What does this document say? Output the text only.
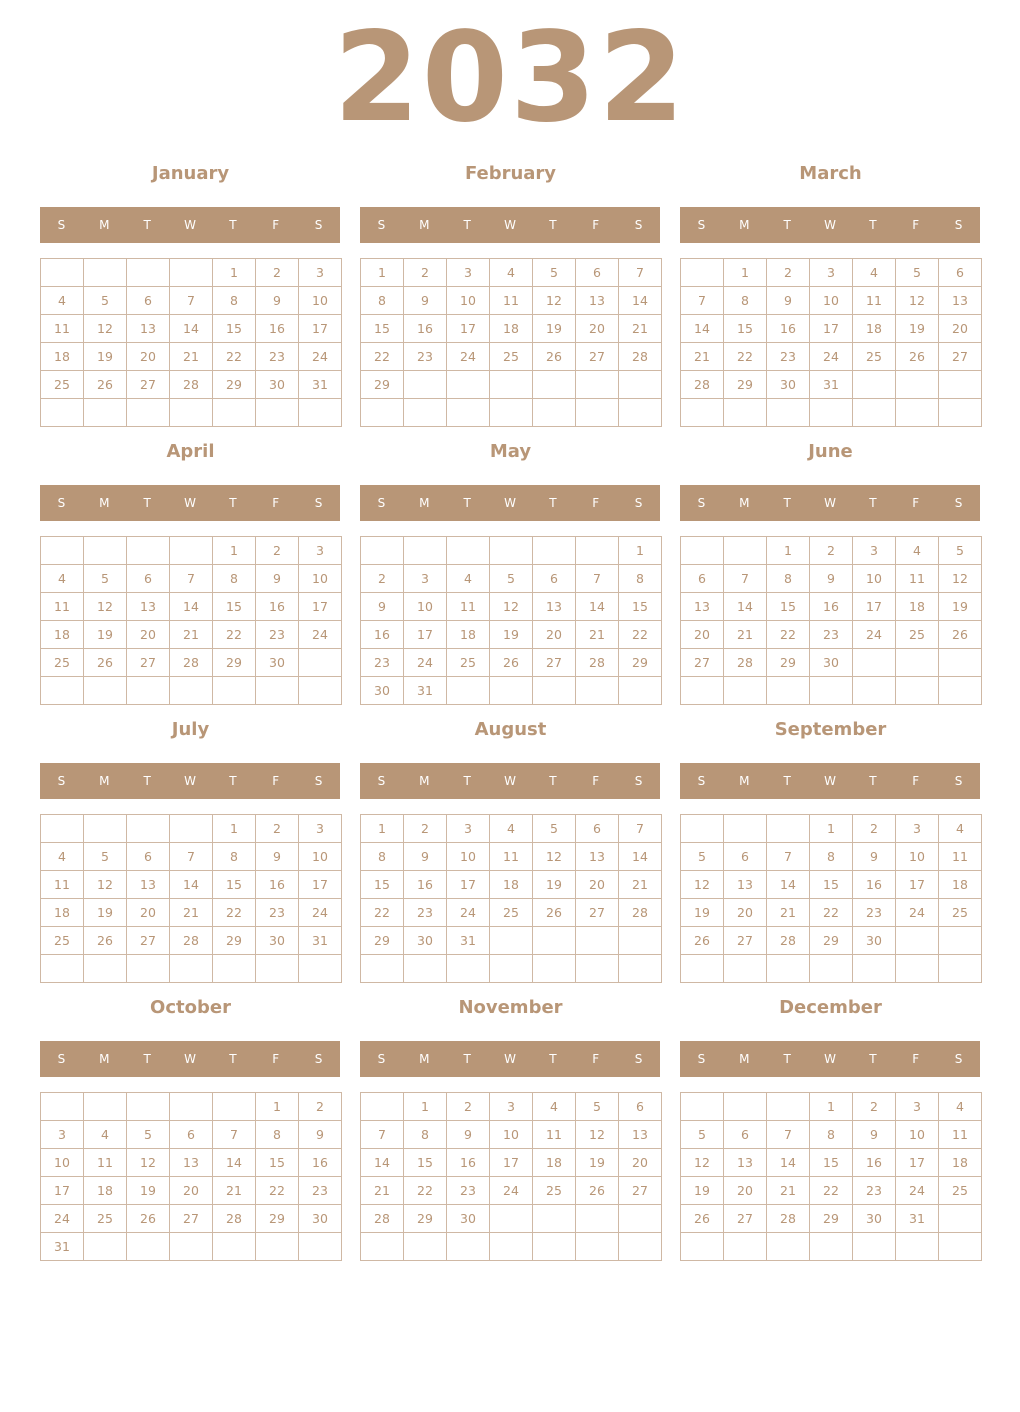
2032
January
S	M	T	W	T	F	S
				1	2	3
4	5	6	7	8	9	10
11	12	13	14	15	16	17
18	19	20	21	22	23	24
25	26	27	28	29	30	31

February
S	M	T	W	T	F	S
1	2	3	4	5	6	7
8	9	10	11	12	13	14
15	16	17	18	19	20	21
22	23	24	25	26	27	28
29						

March
S	M	T	W	T	F	S
	1	2	3	4	5	6
7	8	9	10	11	12	13
14	15	16	17	18	19	20
21	22	23	24	25	26	27
28	29	30	31			

April
S	M	T	W	T	F	S
				1	2	3
4	5	6	7	8	9	10
11	12	13	14	15	16	17
18	19	20	21	22	23	24
25	26	27	28	29	30	

May
S	M	T	W	T	F	S
						1
2	3	4	5	6	7	8
9	10	11	12	13	14	15
16	17	18	19	20	21	22
23	24	25	26	27	28	29
30	31					
June
S	M	T	W	T	F	S
		1	2	3	4	5
6	7	8	9	10	11	12
13	14	15	16	17	18	19
20	21	22	23	24	25	26
27	28	29	30			

July
S	M	T	W	T	F	S
				1	2	3
4	5	6	7	8	9	10
11	12	13	14	15	16	17
18	19	20	21	22	23	24
25	26	27	28	29	30	31

August
S	M	T	W	T	F	S
1	2	3	4	5	6	7
8	9	10	11	12	13	14
15	16	17	18	19	20	21
22	23	24	25	26	27	28
29	30	31				

September
S	M	T	W	T	F	S
			1	2	3	4
5	6	7	8	9	10	11
12	13	14	15	16	17	18
19	20	21	22	23	24	25
26	27	28	29	30		

October
S	M	T	W	T	F	S
					1	2
3	4	5	6	7	8	9
10	11	12	13	14	15	16
17	18	19	20	21	22	23
24	25	26	27	28	29	30
31						
November
S	M	T	W	T	F	S
	1	2	3	4	5	6
7	8	9	10	11	12	13
14	15	16	17	18	19	20
21	22	23	24	25	26	27
28	29	30				

December
S	M	T	W	T	F	S
			1	2	3	4
5	6	7	8	9	10	11
12	13	14	15	16	17	18
19	20	21	22	23	24	25
26	27	28	29	30	31	
